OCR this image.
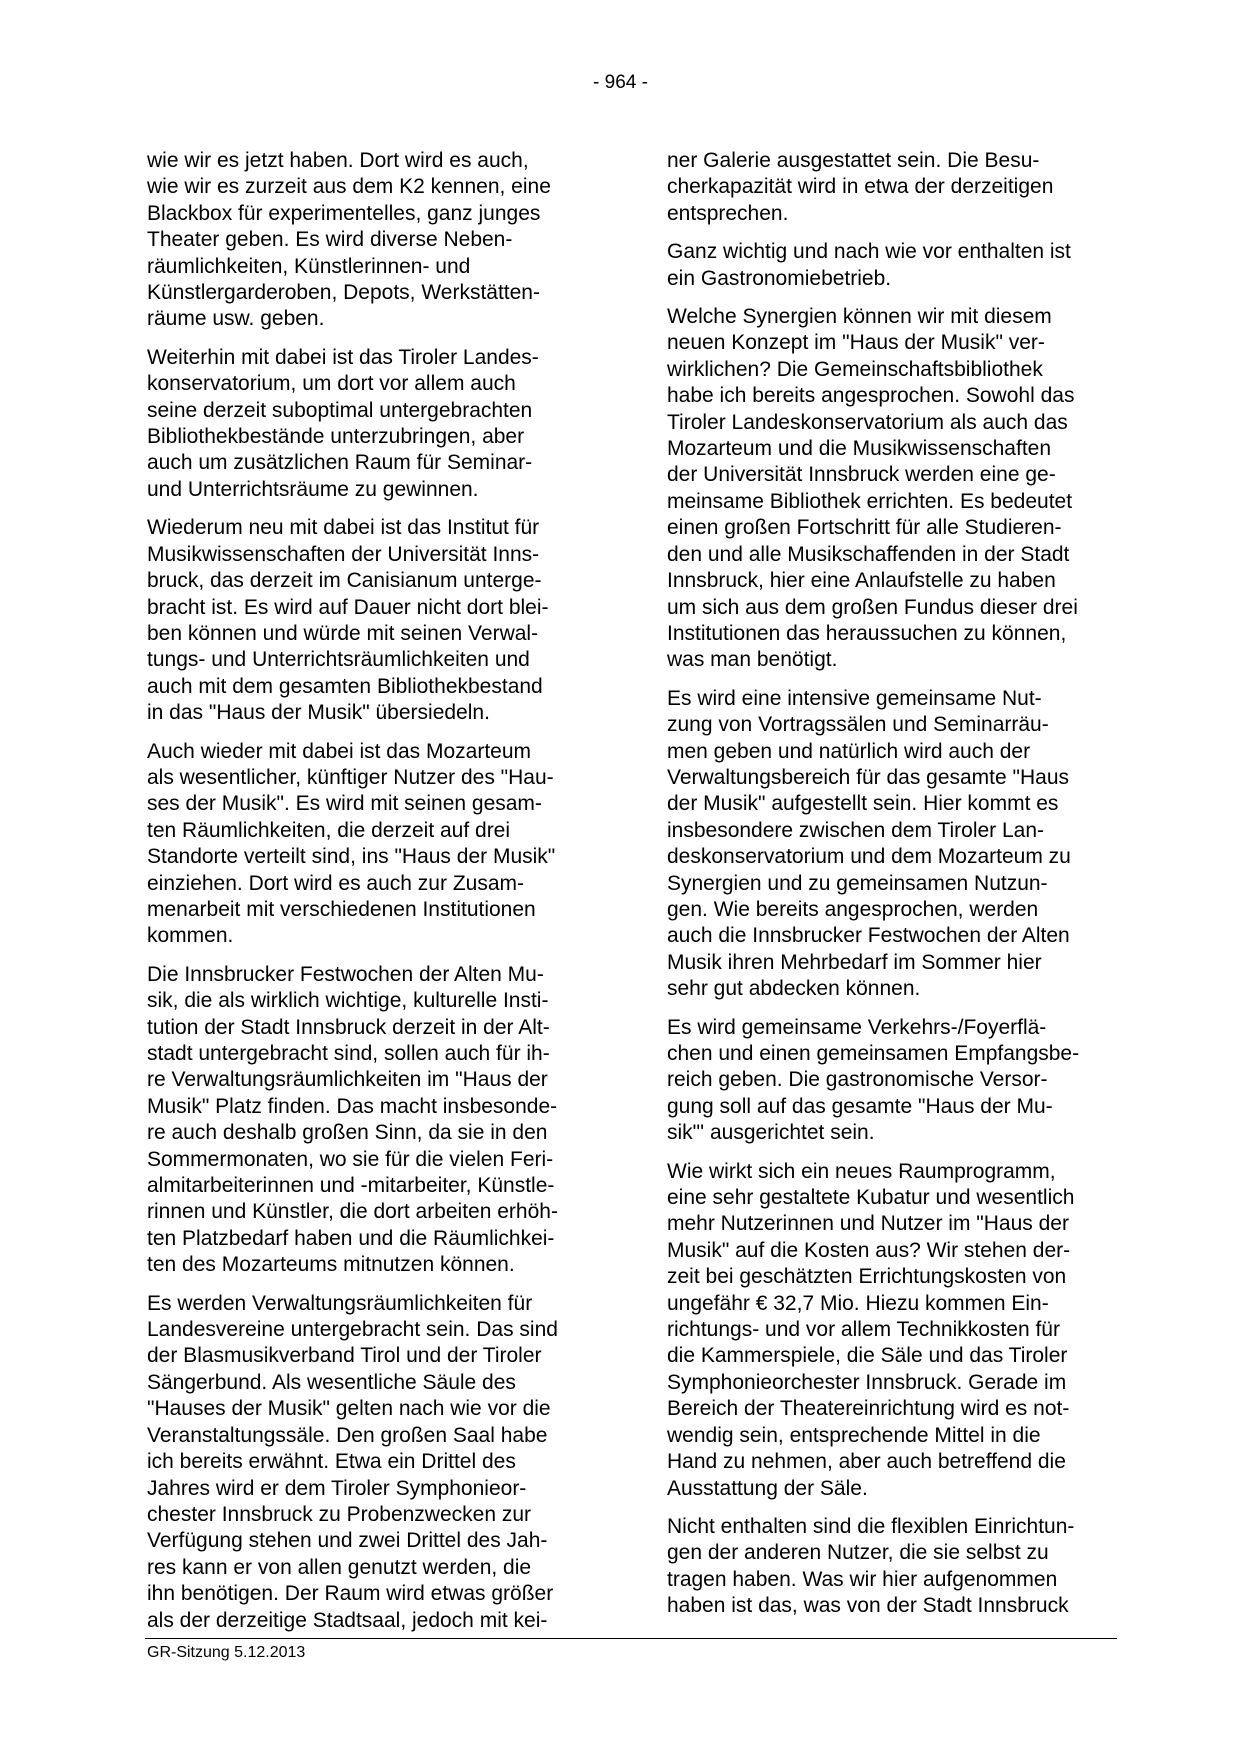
- 964 -

wie wir es jetzt haben. Dort wird es auch,
wie wir es zurzeit aus dem K2 kennen, eine
Blackbox für experimentelles, ganz junges
Theater geben. Es wird diverse Neben-
räumlichkeiten, Künstlerinnen- und
Künstlergarderoben, Depots, Werkstätten-
räume usw. geben.

Weiterhin mit dabei ist das Tiroler Landes-
konservatorium, um dort vor allem auch
seine derzeit suboptimal untergebrachten
Bibliothekbestände unterzubringen, aber
auch um zusätzlichen Raum für Seminar-
und Unterrichtsräume zu gewinnen.

Wiederum neu mit dabei ist das Institut für
Musikwissenschaften der Universität Inns-
bruck, das derzeit im Canisianum unterge-
bracht ist. Es wird auf Dauer nicht dort blei-
ben können und würde mit seinen Verwal-
tungs- und Unterrichtsräumlichkeiten und
auch mit dem gesamten Bibliothekbestand
in das "Haus der Musik" übersiedeln.

Auch wieder mit dabei ist das Mozarteum
als wesentlicher, künftiger Nutzer des "Hau-
ses der Musik". Es wird mit seinen gesam-
ten Räumlichkeiten, die derzeit auf drei
Standorte verteilt sind, ins "Haus der Musik"
einziehen. Dort wird es auch zur Zusam-
menarbeit mit verschiedenen Institutionen
kommen.

Die Innsbrucker Festwochen der Alten Mu-
sik, die als wirklich wichtige, kulturelle Insti-
tution der Stadt Innsbruck derzeit in der Alt-
stadt untergebracht sind, sollen auch für ih-
re Verwaltungsräumlichkeiten im "Haus der
Musik" Platz finden. Das macht insbesonde-
re auch deshalb großen Sinn, da sie in den
Sommermonaten, wo sie für die vielen Feri-
almitarbeiterinnen und -mitarbeiter, Künstle-
rinnen und Künstler, die dort arbeiten erhöh-
ten Platzbedarf haben und die Räumlichkei-
ten des Mozarteums mitnutzen können.

Es werden Verwaltungsräumlichkeiten für
Landesvereine untergebracht sein. Das sind
der Blasmusikverband Tirol und der Tiroler
Sängerbund. Als wesentliche Säule des
"Hauses der Musik" gelten nach wie vor die
Veranstaltungssäle. Den großen Saal habe
ich bereits erwähnt. Etwa ein Drittel des
Jahres wird er dem Tiroler Symphonieor-
chester Innsbruck zu Probenzwecken zur
Verfügung stehen und zwei Drittel des Jah-
res kann er von allen genutzt werden, die
ihn benötigen. Der Raum wird etwas größer
als der derzeitige Stadtsaal, jedoch mit kei-

ner Galerie ausgestattet sein. Die Besu-
cherkapazität wird in etwa der derzeitigen
entsprechen.

Ganz wichtig und nach wie vor enthalten ist
ein Gastronomiebetrieb.

Welche Synergien können wir mit diesem
neuen Konzept im "Haus der Musik" ver-
wirklichen? Die Gemeinschaftsbibliothek
habe ich bereits angesprochen. Sowohl das
Tiroler Landeskonservatorium als auch das
Mozarteum und die Musikwissenschaften
der Universität Innsbruck werden eine ge-
meinsame Bibliothek errichten. Es bedeutet
einen großen Fortschritt für alle Studieren-
den und alle Musikschaffenden in der Stadt
Innsbruck, hier eine Anlaufstelle zu haben
um sich aus dem großen Fundus dieser drei
Institutionen das heraussuchen zu können,
was man benötigt.

Es wird eine intensive gemeinsame Nut-
zung von Vortragssälen und Seminarräu-
men geben und natürlich wird auch der
Verwaltungsbereich für das gesamte "Haus
der Musik" aufgestellt sein. Hier kommt es
insbesondere zwischen dem Tiroler Lan-
deskonservatorium und dem Mozarteum zu
Synergien und zu gemeinsamen Nutzun-
gen. Wie bereits angesprochen, werden
auch die Innsbrucker Festwochen der Alten
Musik ihren Mehrbedarf im Sommer hier
sehr gut abdecken können.

Es wird gemeinsame Verkehrs-/Foyerflä-
chen und einen gemeinsamen Empfangsbe-
reich geben. Die gastronomische Versor-
gung soll auf das gesamte "Haus der Mu-
sik"' ausgerichtet sein.

Wie wirkt sich ein neues Raumprogramm,
eine sehr gestaltete Kubatur und wesentlich
mehr Nutzerinnen und Nutzer im "Haus der
Musik" auf die Kosten aus? Wir stehen der-
zeit bei geschätzten Errichtungskosten von
ungefähr € 32,7 Mio. Hiezu kommen Ein-
richtungs- und vor allem Technikkosten für
die Kammerspiele, die Säle und das Tiroler
Symphonieorchester Innsbruck. Gerade im
Bereich der Theatereinrichtung wird es not-
wendig sein, entsprechende Mittel in die
Hand zu nehmen, aber auch betreffend die
Ausstattung der Säle.

Nicht enthalten sind die flexiblen Einrichtun-
gen der anderen Nutzer, die sie selbst zu
tragen haben. Was wir hier aufgenommen
haben ist das, was von der Stadt Innsbruck

GR-Sitzung 5.12.2013
